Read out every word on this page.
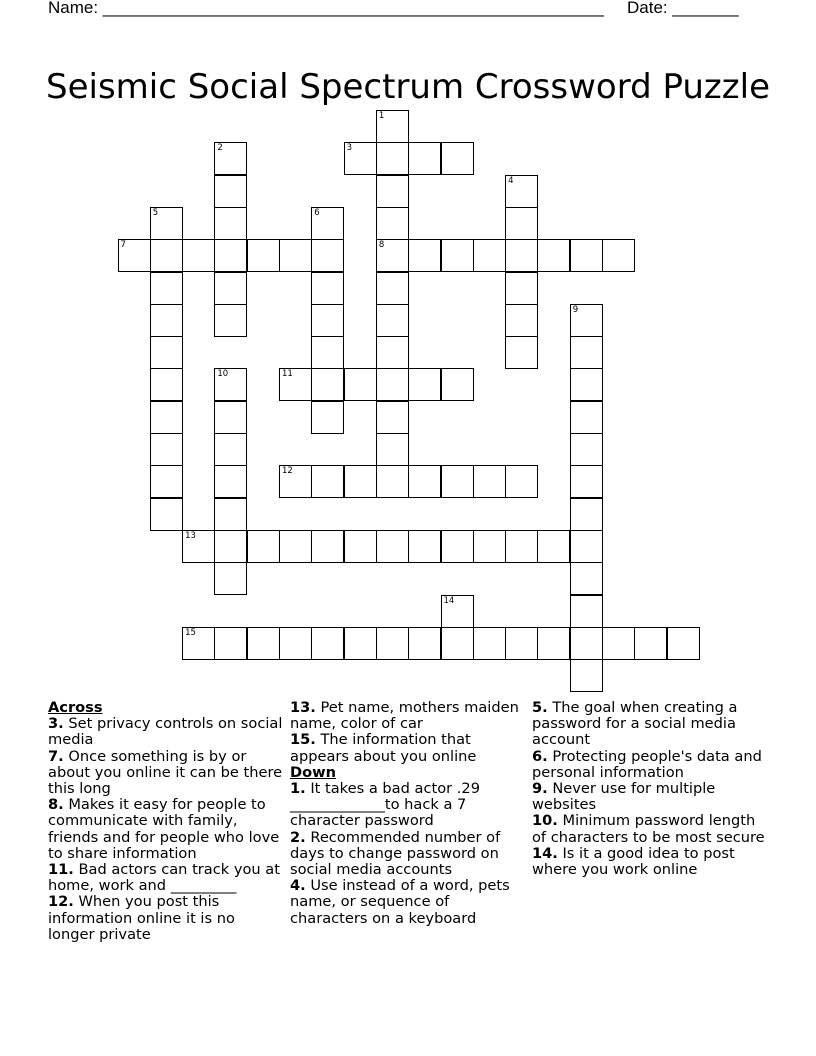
Name: _____________________________________________________ Date: _______
Seismic Social Spectrum Crossword Puzzle
1
8
2	3
4
5	6
7
9
10	11
12
13
14
15
Across
3. Set privacy controls on social media
7. Once something is by or about you online it can be there this long
8. Makes it easy for people to communicate with family, friends and for people who love to share information
11. Bad actors can track you at home, work and _________
12. When you post this information online it is no longer private
13. Pet name, mothers maiden name, color of car
15. The information that appears about you online
Down
1. It takes a bad actor .29 _____________to hack a 7 character password
2. Recommended number of days to change password on social media accounts
4. Use instead of a word, pets name, or sequence of characters on a keyboard
5. The goal when creating a password for a social media account
6. Protecting people's data and personal information
9. Never use for multiple websites
10. Minimum password length of characters to be most secure
14. Is it a good idea to post where you work online
